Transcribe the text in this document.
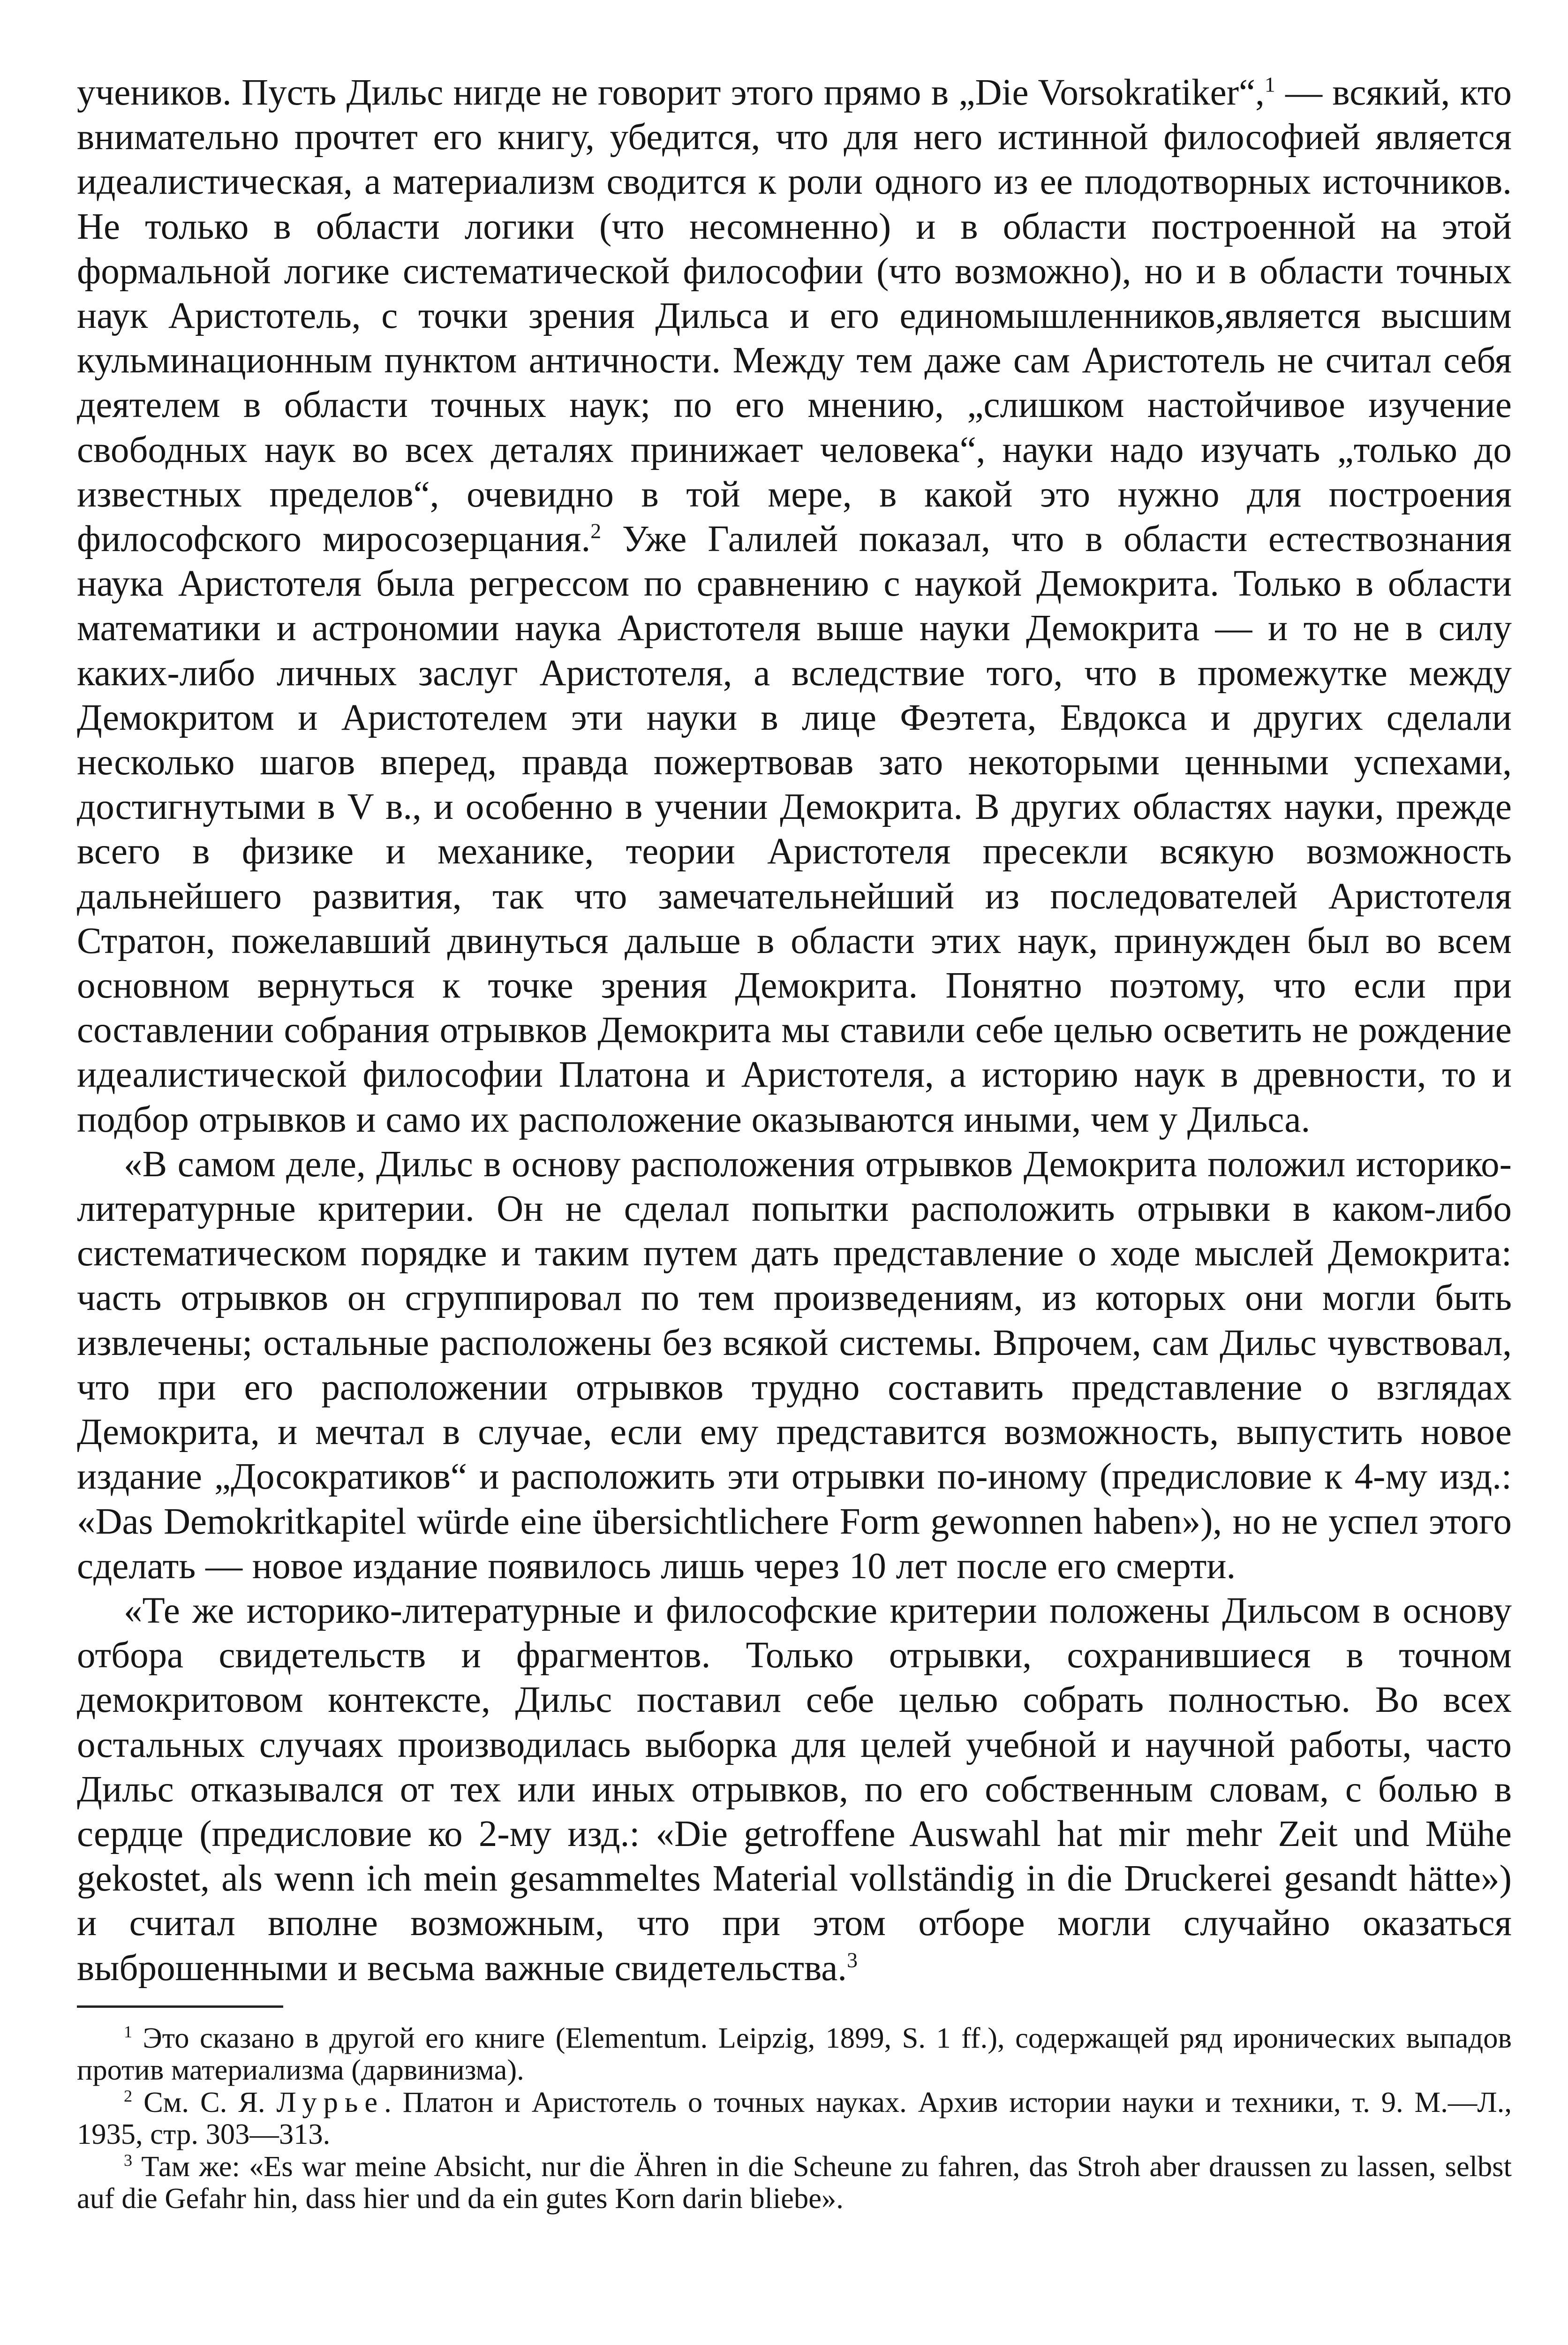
учеников. Пусть Дильс нигде не говорит этого прямо в „Die Vorsokratiker“,$^1$ — всякий, кто внимательно прочтет его книгу, убедится, что для него истинной философией является идеалистическая, а материализм сводится к роли одного из ее плодотворных источников. Не только в области логики (что несомненно) и в области построенной на этой формальной логике систематической философии (что возможно), но и в области точных наук Аристотель, с точки зрения Дильса и его единомышленников,является высшим кульминационным пунктом античности. Между тем даже сам Аристотель не считал себя деятелем в области точных наук; по его мнению, „слишком настойчивое изучение свободных наук во всех деталях принижает человека“, науки надо изучать „только до известных пределов“, очевидно в той мере, в какой это нужно для построения философского миросозерцания.$^2$ Уже Галилей показал, что в области естествознания наука Аристотеля была регрессом по сравнению с наукой Демокрита. Только в области математики и астрономии наука Аристотеля выше науки Демокрита — и то не в силу каких-либо личных заслуг Аристотеля, а вследствие того, что в промежутке между Демокритом и Аристотелем эти науки в лице Феэтета, Евдокса и других сделали несколько шагов вперед, правда пожертвовав зато некоторыми ценными успехами, достигнутыми в V в., и особенно в учении Демокрита. В других областях науки, прежде всего в физике и механике, теории Аристотеля пресекли всякую возможность дальнейшего развития, так что замечательнейший из последователей Аристотеля Стратон, пожелавший двинуться дальше в области этих наук, принужден был во всем основном вернуться к точке зрения Демокрита. Понятно поэтому, что если при составлении собрания отрывков Демокрита мы ставили себе целью осветить не рождение идеалистической философии Платона и Аристотеля, а историю наук в древности, то и подбор отрывков и само их расположение оказываются иными, чем у Дильса.

«В самом деле, Дильс в основу расположения отрывков Демокрита положил историко-литературные критерии. Он не сделал попытки расположить отрывки в каком-либо систематическом порядке и таким путем дать представление о ходе мыслей Демокрита: часть отрывков он сгруппировал по тем произведениям, из которых они могли быть извлечены; остальные расположены без всякой системы. Впрочем, сам Дильс чувствовал, что при его расположении отрывков трудно составить представление о взглядах Демокрита, и мечтал в случае, если ему представится возможность, выпустить новое издание „Досократиков“ и расположить эти отрывки по-иному (предисловие к 4-му изд.: «Das Demokritkapitel würde eine übersichtlichere Form gewonnen haben»), но не успел этого сделать — новое издание появилось лишь через 10 лет после его смерти.

«Те же историко-литературные и философские критерии положены Дильсом в основу отбора свидетельств и фрагментов. Только отрывки, сохранившиеся в точном демокритовом контексте, Дильс поставил себе целью собрать полностью. Во всех остальных случаях производилась выборка для целей учебной и научной работы, часто Дильс отказывался от тех или иных отрывков, по его собственным словам, с болью в сердце (предисловие ко 2-му изд.: «Die getroffene Auswahl hat mir mehr Zeit und Mühe gekostet, als wenn ich mein gesammeltes Material vollständig in die Druckerei gesandt hätte») и считал вполне возможным, что при этом отборе могли случайно оказаться выброшенными и весьма важные свидетельства.$^3$

$^1$ Это сказано в другой его книге (Elementum. Leipzig, 1899, S. 1 ff.), содержащей ряд иронических выпадов против материализма (дарвинизма).

$^2$ См. С. Я. Лурье. Платон и Аристотель о точных науках. Архив истории науки и техники, т. 9. М.—Л., 1935, стр. 303—313.

$^3$ Там же: «Es war meine Absicht, nur die Ähren in die Scheune zu fahren, das Stroh aber draussen zu lassen, selbst auf die Gefahr hin, dass hier und da ein gutes Korn darin bliebe».
